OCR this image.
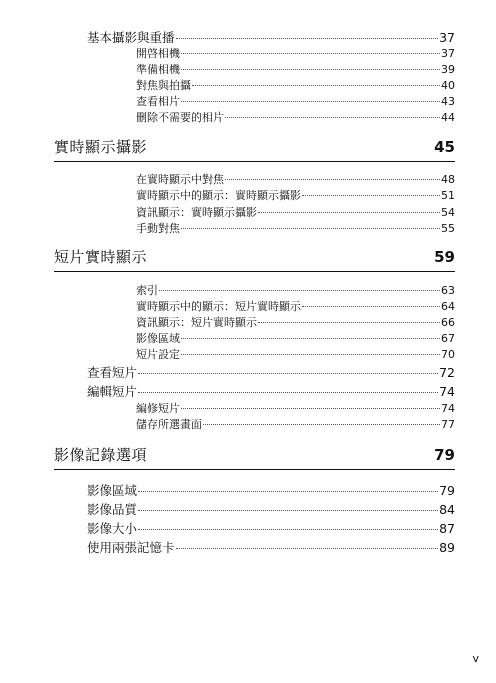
基本攝影與重播	37
開啓相機	37
準備相機	39
對焦與拍攝	40
查看相片	43
刪除不需要的相片	44
實時顯示攝影	45
在實時顯示中對焦	48
實時顯示中的顯示：實時顯示攝影	51
資訊顯示：實時顯示攝影	54
手動對焦	55
短片實時顯示	59
索引	63
實時顯示中的顯示：短片實時顯示	64
資訊顯示：短片實時顯示	66
影像區域	67
短片設定	70
查看短片	72
編輯短片	74
編修短片	74
儲存所選畫面	77
影像記錄選項	79
影像區域	79
影像品質	84
影像大小	87
使用兩張記憶卡	89
v
